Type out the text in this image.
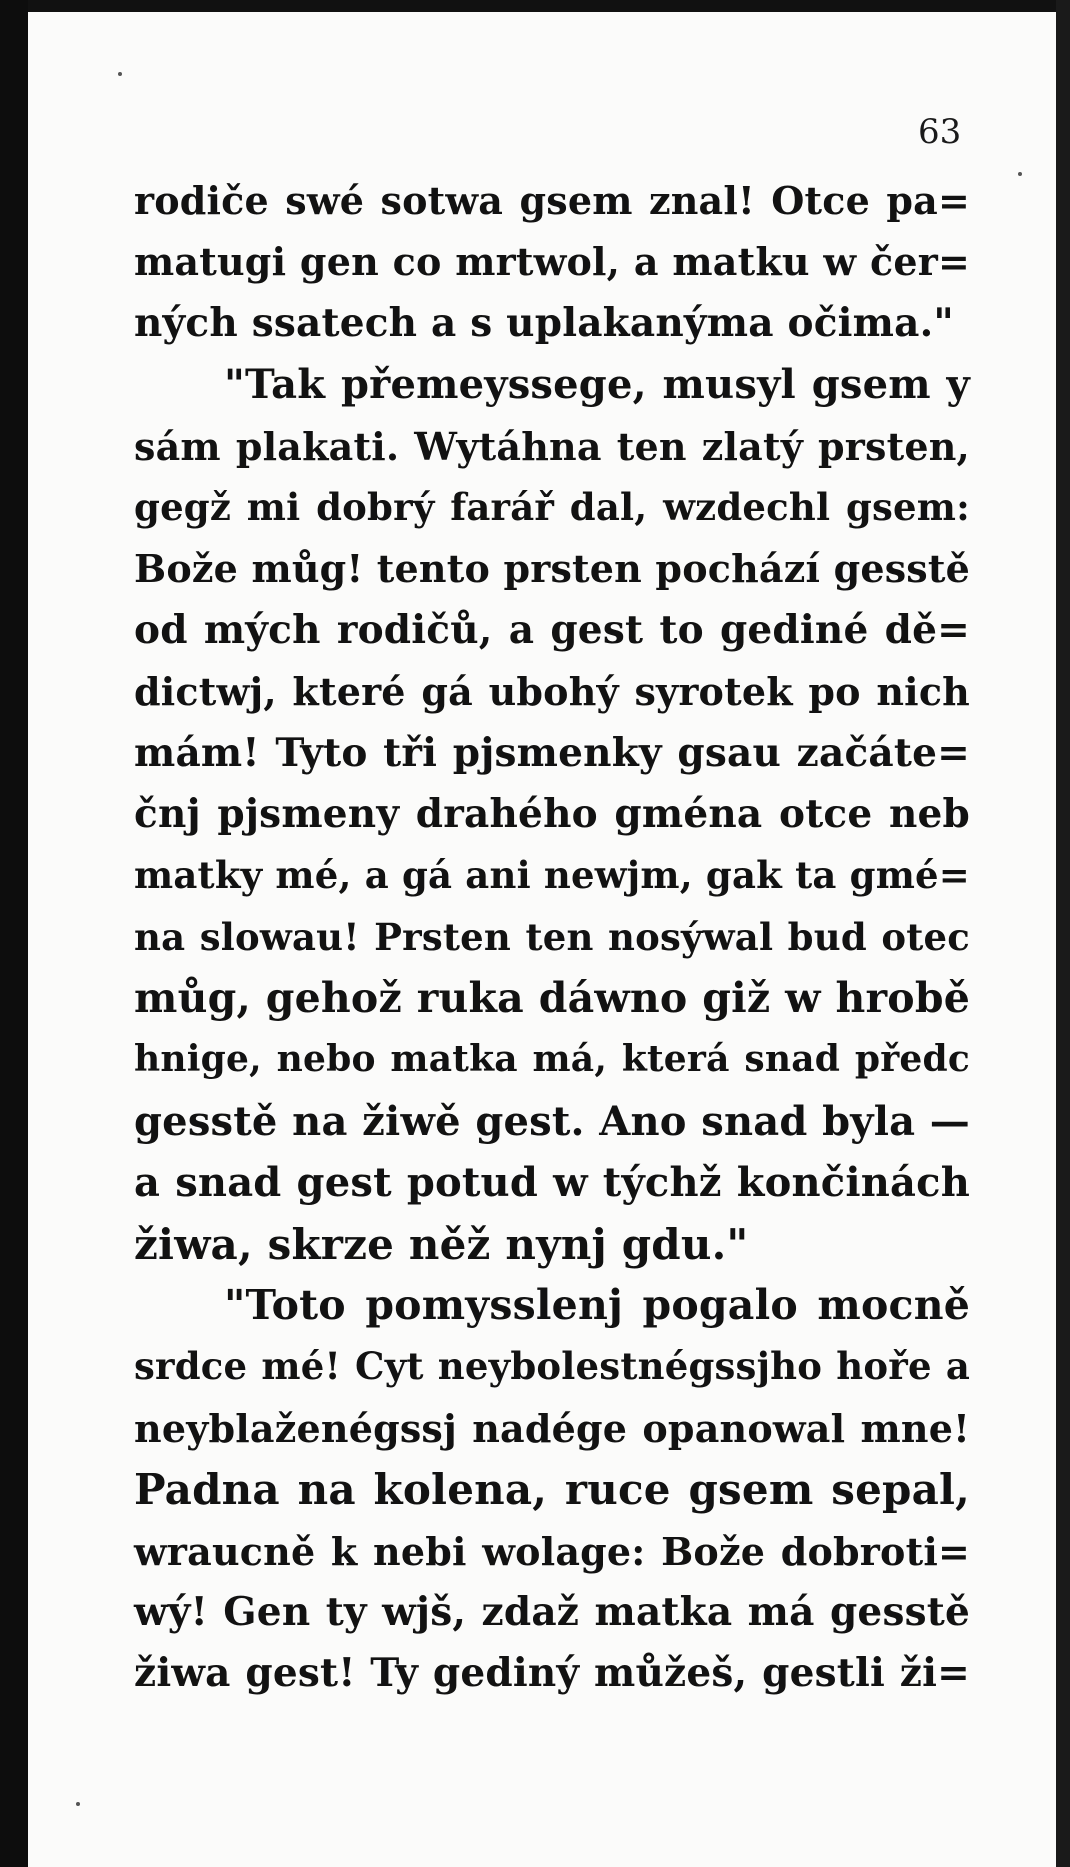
63
rodiče swé sotwa gsem znal! Otce pa=
matugi gen co mrtwol, a matku w čer=
ných ssatech a s uplakanýma očima."
"Tak přemeyssege, musyl gsem y
sám plakati. Wytáhna ten zlatý prsten,
gegž mi dobrý farář dal, wzdechl gsem:
Bože můg! tento prsten pochází gesstě
od mých rodičů, a gest to gediné dě=
dictwj, které gá ubohý syrotek po nich
mám! Tyto tři pjsmenky gsau začáte=
čnj pjsmeny drahého gména otce neb
matky mé, a gá ani newjm, gak ta gmé=
na slowau! Prsten ten nosýwal bud otec
můg, gehož ruka dáwno giž w hrobě
hnige, nebo matka má, která snad předc
gesstě na žiwě gest. Ano snad byla —
a snad gest potud w týchž končinách
žiwa, skrze něž nynj gdu."
"Toto pomysslenj pogalo mocně
srdce mé! Cyt neybolestnégssjho hoře a
neyblaženégssj nadége opanowal mne!
Padna na kolena, ruce gsem sepal,
wraucně k nebi wolage: Bože dobroti=
wý! Gen ty wjš, zdaž matka má gesstě
žiwa gest! Ty gediný můžeš, gestli ži=
